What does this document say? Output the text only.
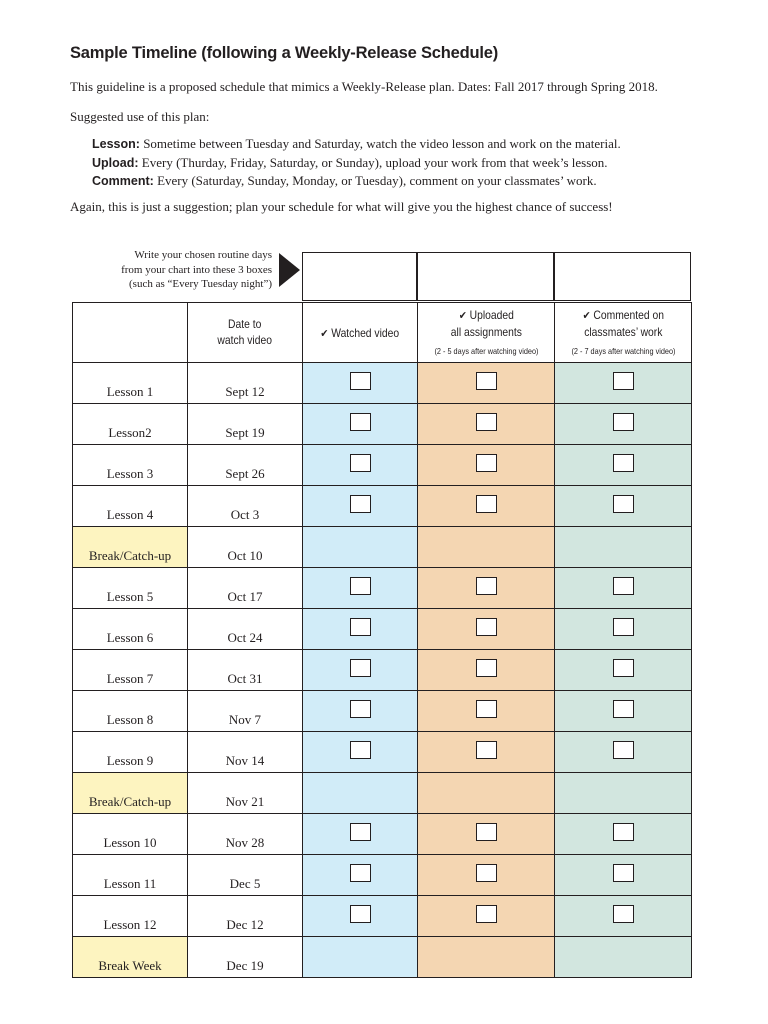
Sample Timeline (following a Weekly-Release Schedule)
This guideline is a proposed schedule that mimics a Weekly-Release plan. Dates: Fall 2017 through Spring 2018.
Suggested use of this plan:
Lesson: Sometime between Tuesday and Saturday, watch the video lesson and work on the material.
Upload: Every (Thurday, Friday, Saturday, or Sunday), upload your work from that week’s lesson.
Comment: Every (Saturday, Sunday, Monday, or Tuesday), comment on your classmates’ work.
Again, this is just a suggestion; plan your schedule for what will give you the highest chance of success!
Write your chosen routine days
from your chart into these 3 boxes
(such as “Every Tuesday night”)
	Date to
watch video	✔ Watched video	✔ Uploaded
all assignments
(2 - 5 days after watching video)	✔ Commented on
classmates’ work
(2 - 7 days after watching video)

Lesson 1	Sept 12			

Lesson2	Sept 19			

Lesson 3	Sept 26			

Lesson 4	Oct 3			

Break/Catch-up	Oct 10			

Lesson 5	Oct 17			

Lesson 6	Oct 24			

Lesson 7	Oct 31			

Lesson 8	Nov 7			

Lesson 9	Nov 14			

Break/Catch-up	Nov 21			

Lesson 10	Nov 28			

Lesson 11	Dec 5			

Lesson 12	Dec 12			

Break Week	Dec 19			
